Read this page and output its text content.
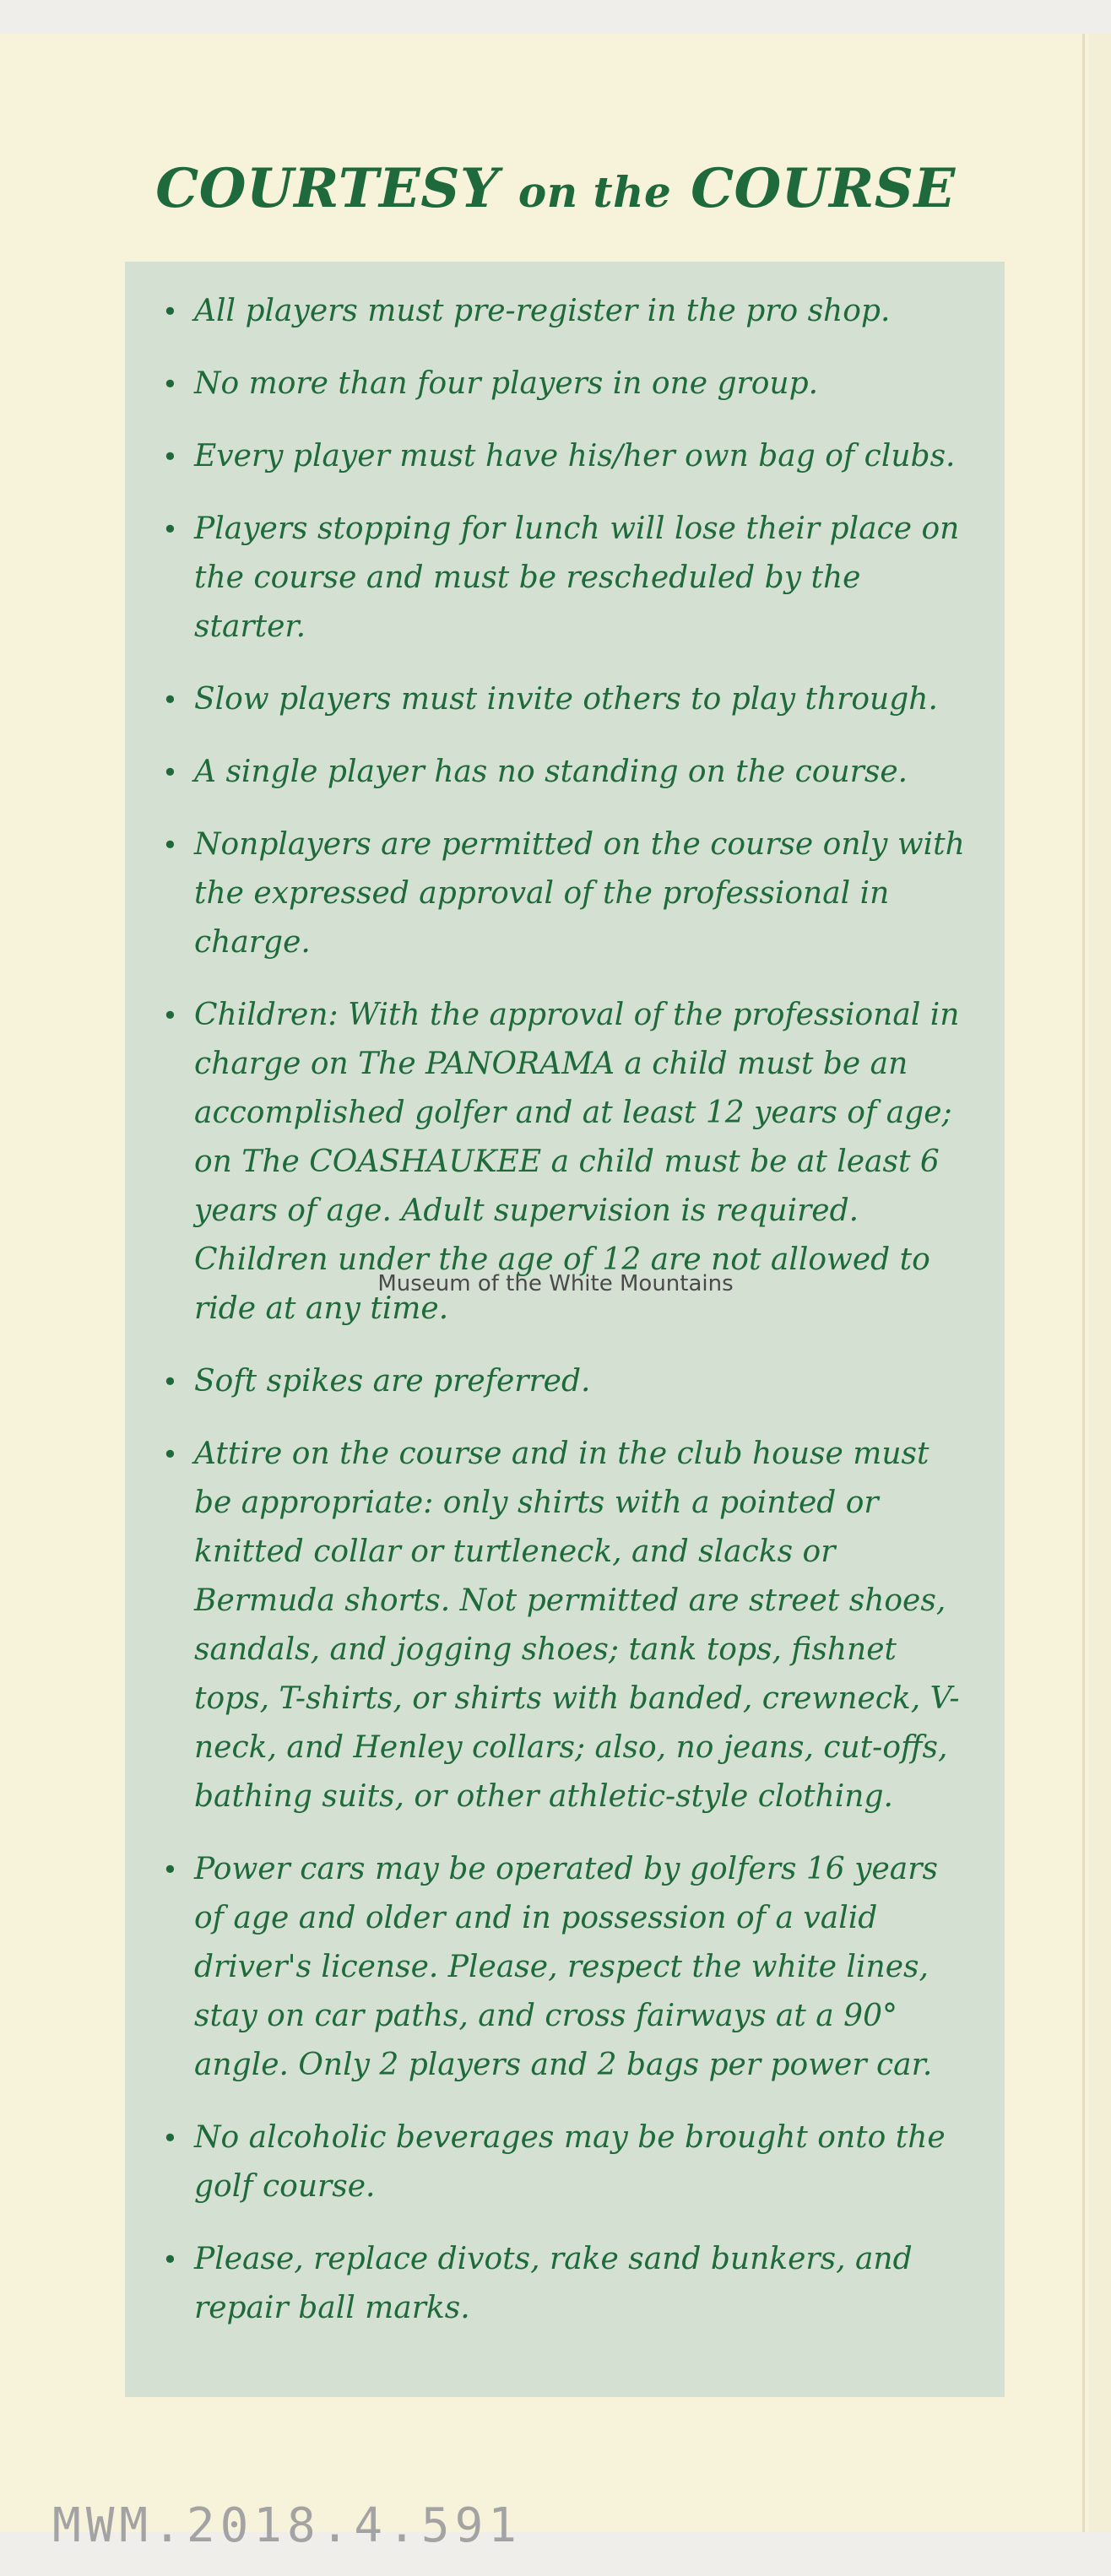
COURTESY on the COURSE
• All players must pre-register in the pro shop.
• No more than four players in one group.
• Every player must have his/her own bag of clubs.
• Players stopping for lunch will lose their place on the course and must be rescheduled by the starter.
• Slow players must invite others to play through.
• A single player has no standing on the course.
• Nonplayers are permitted on the course only with the expressed approval of the professional in charge.
• Children: With the approval of the professional in charge on The PANORAMA a child must be an accomplished golfer and at least 12 years of age; on The COASHAUKEE a child must be at least 6 years of age. Adult supervision is required. Children under the age of 12 are not allowed to ride at any time.
• Soft spikes are preferred.
• Attire on the course and in the club house must be appropriate: only shirts with a pointed or knitted collar or turtleneck, and slacks or Bermuda shorts. Not permitted are street shoes, sandals, and jogging shoes; tank tops, fishnet tops, T-shirts, or shirts with banded, crewneck, V-neck, and Henley collars; also, no jeans, cut-offs, bathing suits, or other athletic-style clothing.
• Power cars may be operated by golfers 16 years of age and older and in possession of a valid driver's license. Please, respect the white lines, stay on car paths, and cross fairways at a 90° angle. Only 2 players and 2 bags per power car.
• No alcoholic beverages may be brought onto the golf course.
• Please, replace divots, rake sand bunkers, and repair ball marks.
Museum of the White Mountains
MWM.2018.4.591
